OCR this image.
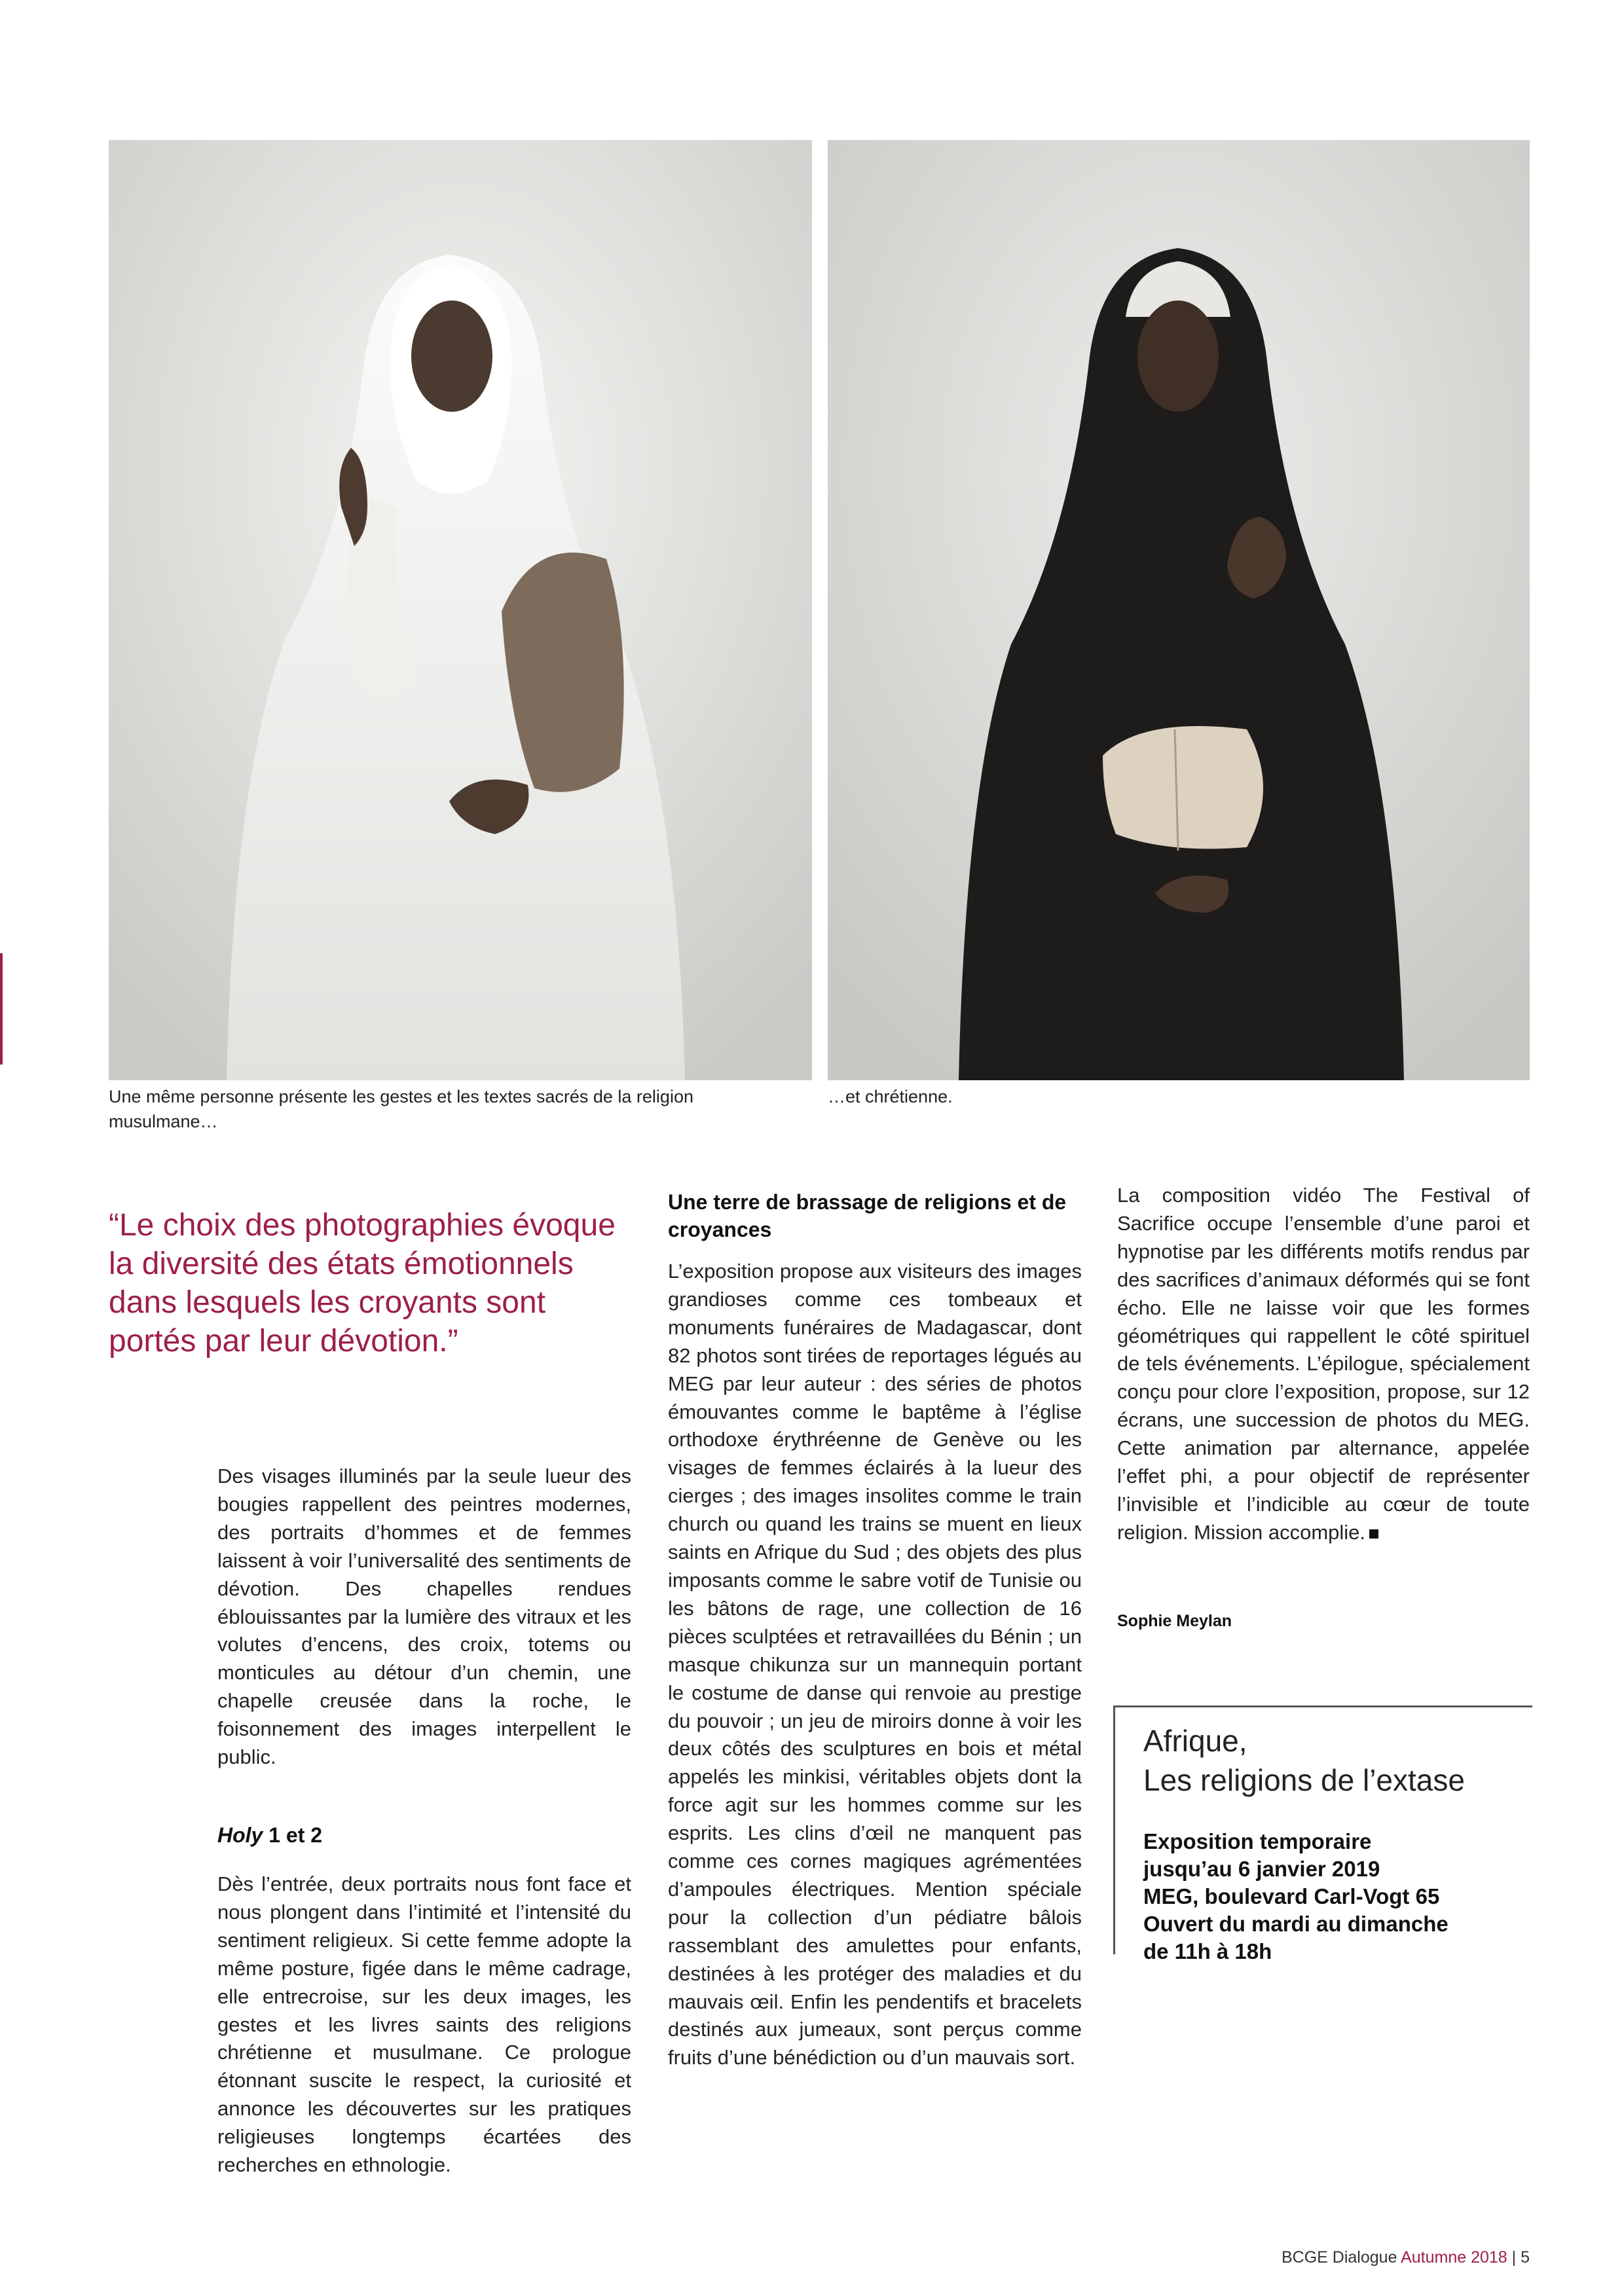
Une même personne présente les gestes et les textes sacrés de la religion musulmane…
…et chrétienne.
“Le choix des photographies évoque la diversité des états émotionnels dans lesquels les croyants sont portés par leur dévotion.”
Des visages illuminés par la seule lueur des bougies rappellent des peintres modernes, des portraits d’hommes et de femmes laissent à voir l’universalité des sentiments de dévotion. Des chapelles rendues éblouissantes par la lumière des vitraux et les volutes d’encens, des croix, totems ou monticules au détour d’un chemin, une chapelle creusée dans la roche, le foisonnement des images interpellent le public.
Holy 1 et 2
Dès l’entrée, deux portraits nous font face et nous plongent dans l’intimité et l’intensité du sentiment religieux. Si cette femme adopte la même posture, figée dans le même cadrage, elle entrecroise, sur les deux images, les gestes et les livres saints des religions chrétienne et musulmane. Ce prologue étonnant suscite le respect, la curiosité et annonce les découvertes sur les pratiques religieuses longtemps écartées des recherches en ethnologie.
Une terre de brassage de religions et de croyances
L’exposition propose aux visiteurs des images grandioses comme ces tombeaux et monuments funéraires de Madagascar, dont 82 photos sont tirées de reportages légués au MEG par leur auteur : des séries de photos émouvantes comme le baptême à l’église orthodoxe érythréenne de Genève ou les visages de femmes éclairés à la lueur des cierges ; des images insolites comme le train church ou quand les trains se muent en lieux saints en Afrique du Sud ; des objets des plus imposants comme le sabre votif de Tunisie ou les bâtons de rage, une collection de 16 pièces sculptées et retravaillées du Bénin ; un masque chikunza sur un mannequin portant le costume de danse qui renvoie au prestige du pouvoir ; un jeu de miroirs donne à voir les deux côtés des sculptures en bois et métal appelés les minkisi, véritables objets dont la force agit sur les hommes comme sur les esprits. Les clins d’œil ne manquent pas comme ces cornes magiques agrémentées d’ampoules électriques. Mention spéciale pour la collection d’un pédiatre bâlois rassemblant des amulettes pour enfants, destinées à les protéger des maladies et du mauvais œil. Enfin les pendentifs et bracelets destinés aux jumeaux, sont perçus comme fruits d’une bénédiction ou d’un mauvais sort.
La composition vidéo The Festival of Sacrifice occupe l’ensemble d’une paroi et hypnotise par les différents motifs rendus par des sacrifices d’animaux déformés qui se font écho. Elle ne laisse voir que les formes géométriques qui rappellent le côté spirituel de tels événements. L’épilogue, spécialement conçu pour clore l’exposition, propose, sur 12 écrans, une succession de photos du MEG. Cette animation par alternance, appelée l’effet phi, a pour objectif de représenter l’invisible et l’indicible au cœur de toute religion. Mission accomplie.
Sophie Meylan
Afrique,
Les religions de l’extase
Exposition temporaire
jusqu’au 6 janvier 2019
MEG, boulevard Carl-Vogt 65
Ouvert du mardi au dimanche
de 11h à 18h
BCGE Dialogue Autumne 2018 | 5
